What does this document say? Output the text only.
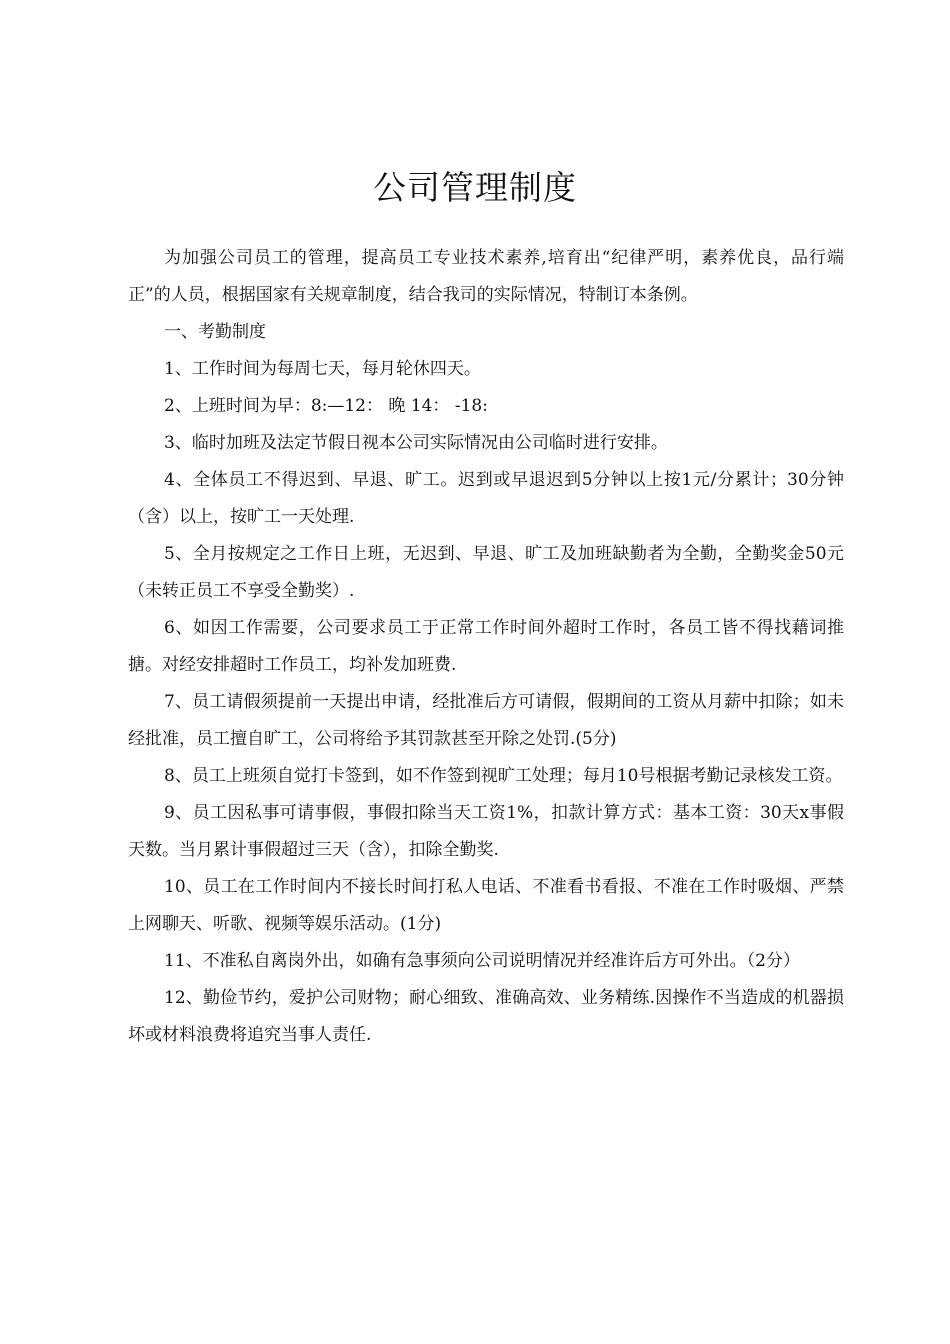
公司管理制度

为加强公司员工的管理，提高员工专业技术素养,培育出“纪律严明，素养优良，品行端正”的人员，根据国家有关规章制度，结合我司的实际情况，特制订本条例。

一、考勤制度

1、工作时间为每周七天，每月轮休四天。

2、上班时间为早：8:—12： 晚 14： -18:

3、临时加班及法定节假日视本公司实际情况由公司临时进行安排。

4、全体员工不得迟到、早退、旷工。迟到或早退迟到5分钟以上按1元/分累计；30分钟（含）以上，按旷工一天处理.

5、全月按规定之工作日上班，无迟到、早退、旷工及加班缺勤者为全勤，全勤奖金50元（未转正员工不享受全勤奖）.

6、如因工作需要，公司要求员工于正常工作时间外超时工作时，各员工皆不得找藉词推搪。对经安排超时工作员工，均补发加班费.

7、员工请假须提前一天提出申请，经批准后方可请假，假期间的工资从月薪中扣除；如未经批准，员工擅自旷工，公司将给予其罚款甚至开除之处罚.(5分)

8、员工上班须自觉打卡签到，如不作签到视旷工处理；每月10号根据考勤记录核发工资。

9、员工因私事可请事假，事假扣除当天工资1%，扣款计算方式：基本工资：30天x事假天数。当月累计事假超过三天（含），扣除全勤奖.

10、员工在工作时间内不接长时间打私人电话、不准看书看报、不准在工作时吸烟、严禁上网聊天、听歌、视频等娱乐活动。(1分)

11、不准私自离岗外出，如确有急事须向公司说明情况并经准许后方可外出。（2分）

12、勤俭节约，爱护公司财物；耐心细致、准确高效、业务精练.因操作不当造成的机器损坏或材料浪费将追究当事人责任.
